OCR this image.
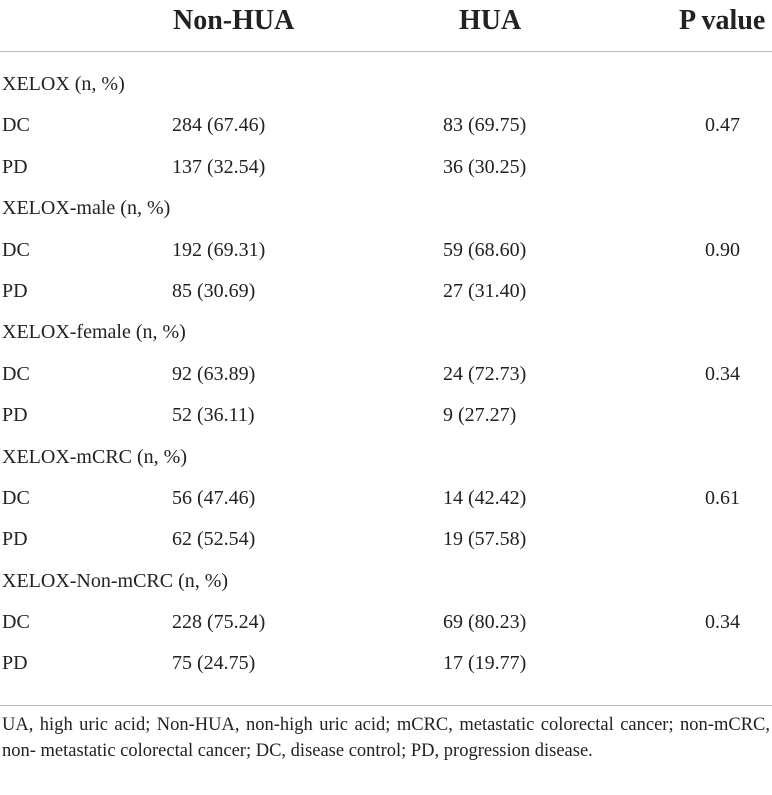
Non-HUA	HUA	P value
XELOX (n, %)
DC	284 (67.46)	83 (69.75)	0.47
PD	137 (32.54)	36 (30.25)
XELOX-male (n, %)
DC	192 (69.31)	59 (68.60)	0.90
PD	85 (30.69)	27 (31.40)
XELOX-female (n, %)
DC	92 (63.89)	24 (72.73)	0.34
PD	52 (36.11)	9 (27.27)
XELOX-mCRC (n, %)
DC	56 (47.46)	14 (42.42)	0.61
PD	62 (52.54)	19 (57.58)
XELOX-Non-mCRC (n, %)
DC	228 (75.24)	69 (80.23)	0.34
PD	75 (24.75)	17 (19.77)
UA, high uric acid; Non-HUA, non-high uric acid; mCRC, metastatic colorectal cancer; non-mCRC, non- metastatic colorectal cancer; DC, disease control; PD, progression disease.
